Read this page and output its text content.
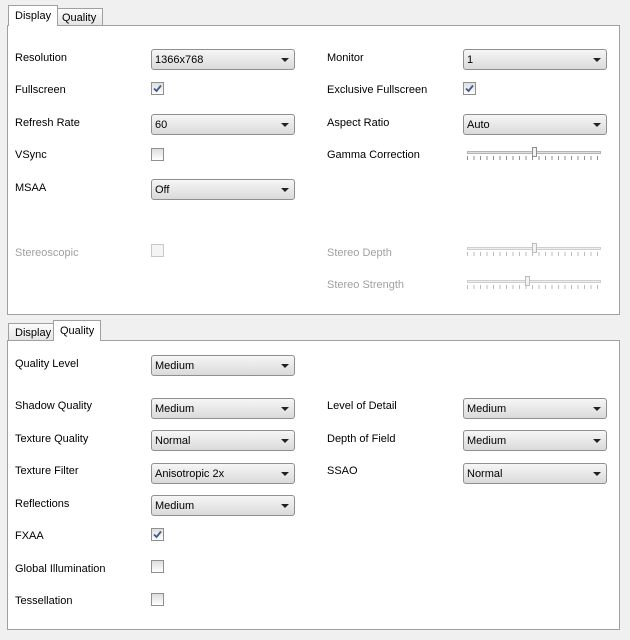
Display Quality
Resolution	1366x768	Monitor	1
Fullscreen	Exclusive Fullscreen
Refresh Rate	60	Aspect Ratio	Auto
VSync	Gamma Correction
MSAA	Off
Stereoscopic	Stereo Depth
Stereo Strength
Display Quality
Quality Level	Medium
Shadow Quality	Medium	Level of Detail	Medium
Texture Quality	Normal	Depth of Field	Medium
Texture Filter	Anisotropic 2x	SSAO	Normal
Reflections	Medium
FXAA
Global Illumination
Tessellation
